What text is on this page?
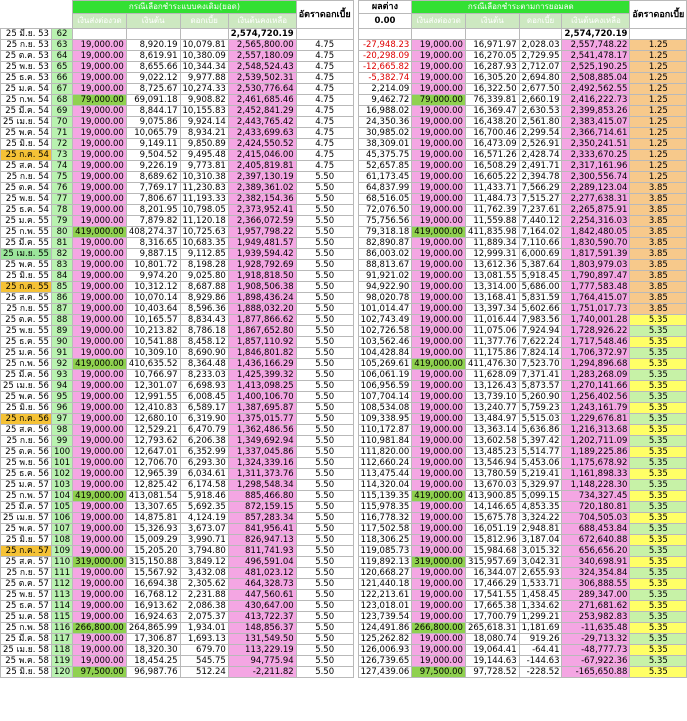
		กรณีเลือกชำระแบบคงเดิม(ยอด)				อัตราดอกเบี้ย		ผลต่าง	กรณีเลือกชำระตามการยอมลด				อัตราดอกเบี้ย
		เงินส่งต่องวด	เงินต้น	ดอกเบี้ย	เงินต้นคงเหลือ			0.00	เงินส่งต่องวด	เงินต้น	ดอกเบี้ย	เงินต้นคงเหลือ	
25 มี.ย. 53	62				2,574,720.19							2,574,720.19	
25 ก.ย. 53	63	19,000.00	8,920.19	10,079.81	2,565,800.00	4.75		-27,948.23	19,000.00	16,971.97	2,028.03	2,557,748.22	1.25
25 ต.ค. 53	64	19,000.00	8,619.91	10,380.09	2,557,180.09	4.75		-20,298.09	19,000.00	16,270.05	2,729.95	2,541,478.17	1.25
25 พ.ย. 53	65	19,000.00	8,655.66	10,344.34	2,548,524.43	4.75		-12,665.82	19,000.00	16,287.93	2,712.07	2,525,190.25	1.25
25 ธ.ค. 53	66	19,000.00	9,022.12	9,977.88	2,539,502.31	4.75		-5,382.74	19,000.00	16,305.20	2,694.80	2,508,885.04	1.25
25 ม.ค. 54	67	19,000.00	8,725.67	10,274.33	2,530,776.64	4.75		2,214.09	19,000.00	16,322.50	2,677.50	2,492,562.55	1.25
25 ก.พ. 54	68	79,000.00	69,091.18	9,908.82	2,461,685.46	4.75		9,462.72	79,000.00	76,339.81	2,660.19	2,416,222.73	1.25
25 มี.ค. 54	69	19,000.00	8,844.17	10,155.83	2,452,841.29	4.75		16,988.02	19,000.00	16,369.47	2,630.53	2,399,853.26	1.25
25 เม.ย. 54	70	19,000.00	9,075.86	9,924.14	2,443,765.42	4.75		24,350.36	19,000.00	16,438.20	2,561.80	2,383,415.07	1.25
25 พ.ค. 54	71	19,000.00	10,065.79	8,934.21	2,433,699.63	4.75		30,985.02	19,000.00	16,700.46	2,299.54	2,366,714.61	1.25
25 มิ.ย. 54	72	19,000.00	9,149.11	9,850.89	2,424,550.52	4.75		38,309.01	19,000.00	16,473.09	2,526.91	2,350,241.51	1.25
25 ก.ค. 54	73	19,000.00	9,504.52	9,495.48	2,415,046.00	4.75		45,375.75	19,000.00	16,571.26	2,428.74	2,333,670.25	1.25
25 ส.ค. 54	74	19,000.00	9,226.19	9,773.81	2,405,819.81	4.75		52,657.85	19,000.00	16,508.29	2,491.71	2,317,161.96	1.25
25 ก.ย. 54	75	19,000.00	8,689.62	10,310.38	2,397,130.19	5.50		61,173.45	19,000.00	16,605.22	2,394.78	2,300,556.74	1.25
25 ต.ค. 54	76	19,000.00	7,769.17	11,230.83	2,389,361.02	5.50		64,837.99	19,000.00	11,433.71	7,566.29	2,289,123.04	3.85
25 พ.ย. 54	77	19,000.00	7,806.67	11,193.33	2,382,154.36	5.50		68,516.05	19,000.00	11,484.73	7,515.27	2,277,638.31	3.85
25 ธ.ค. 54	78	19,000.00	8,201.95	10,798.05	2,373,952.41	5.50		72,076.50	19,000.00	11,762.39	7,237.61	2,265,875.91	3.85
25 ม.ค. 55	79	19,000.00	7,879.82	11,120.18	2,366,072.59	5.50		75,756.56	19,000.00	11,559.88	7,440.12	2,254,316.03	3.85
25 ก.พ. 55	80	419,000.00	408,274.37	10,725.63	1,957,798.22	5.50		79,318.18	419,000.00	411,835.98	7,164.02	1,842,480.05	3.85
25 มี.ค. 55	81	19,000.00	8,316.65	10,683.35	1,949,481.57	5.50		82,890.87	19,000.00	11,889.34	7,110.66	1,830,590.70	3.85
25 เม.ย. 55	82	19,000.00	9,887.15	9,112.85	1,939,594.42	5.50		86,003.02	19,000.00	12,999.31	6,000.69	1,817,591.39	3.85
25 พ.ค. 55	83	19,000.00	10,801.72	8,198.28	1,928,792.69	5.50		88,813.67	19,000.00	13,612.36	5,387.64	1,803,979.03	3.85
25 มิ.ย. 55	84	19,000.00	9,974.20	9,025.80	1,918,818.50	5.50		91,921.02	19,000.00	13,081.55	5,918.45	1,790,897.47	3.85
25 ก.ค. 55	85	19,000.00	10,312.12	8,687.88	1,908,506.38	5.50		94,922.90	19,000.00	13,314.00	5,686.00	1,777,583.48	3.85
25 ส.ค. 55	86	19,000.00	10,070.14	8,929.86	1,898,436.24	5.50		98,020.78	19,000.00	13,168.41	5,831.59	1,764,415.07	3.85
25 ก.ย. 55	87	19,000.00	10,403.64	8,596.36	1,888,032.20	5.50		101,014.47	19,000.00	13,397.34	5,602.66	1,751,017.73	3.85
25 ต.ค. 55	88	19,000.00	10,165.57	8,834.43	1,877,866.62	5.50		102,743.49	19,000.00	11,016.44	7,983.56	1,740,001.28	5.35
25 พ.ย. 55	89	19,000.00	10,213.82	8,786.18	1,867,652.80	5.50		102,726.58	19,000.00	11,075.06	7,924.94	1,728,926.22	5.35
25 ธ.ค. 55	90	19,000.00	10,541.88	8,458.12	1,857,110.92	5.50		103,562.46	19,000.00	11,377.76	7,622.24	1,717,548.46	5.35
25 ม.ค. 56	91	19,000.00	10,309.10	8,690.90	1,846,801.82	5.50		104,428.84	19,000.00	11,175.86	7,824.14	1,706,372.97	5.35
25 ก.พ. 56	92	419,000.00	410,635.52	8,364.48	1,436,166.29	5.50		105,269.61	419,000.00	411,476.30	7,523.70	1,294,896.68	5.35
25 มี.ค. 56	93	19,000.00	10,766.97	8,233.03	1,425,399.32	5.50		106,061.19	19,000.00	11,628.09	7,371.41	1,283,268.09	5.35
25 เม.ย. 56	94	19,000.00	12,301.07	6,698.93	1,413,098.25	5.50		106,956.59	19,000.00	13,126.43	5,873.57	1,270,141.66	5.35
25 พ.ค. 56	95	19,000.00	12,991.55	6,008.45	1,400,106.70	5.50		107,704.14	19,000.00	13,739.10	5,260.90	1,256,402.56	5.35
25 มิ.ย. 56	96	19,000.00	12,410.83	6,589.17	1,387,695.87	5.50		108,534.08	19,000.00	13,240.77	5,759.23	1,243,161.79	5.35
25 ก.ค. 56	97	19,000.00	12,680.10	6,319.90	1,375,015.77	5.50		109,338.95	19,000.00	13,484.97	5,515.03	1,229,676.81	5.35
25 ส.ค. 56	98	19,000.00	12,529.21	6,470.79	1,362,486.56	5.50		110,172.87	19,000.00	13,363.14	5,636.86	1,216,313.68	5.35
25 ก.ย. 56	99	19,000.00	12,793.62	6,206.38	1,349,692.94	5.50		110,981.84	19,000.00	13,602.58	5,397.42	1,202,711.09	5.35
25 ต.ค. 56	100	19,000.00	12,647.01	6,352.99	1,337,045.86	5.50		111,820.00	19,000.00	13,485.23	5,514.77	1,189,225.86	5.35
25 พ.ย. 56	101	19,000.00	12,706.70	6,293.30	1,324,339.16	5.50		112,660.24	19,000.00	13,546.94	5,453.06	1,175,678.92	5.35
25 ธ.ค. 56	102	19,000.00	12,965.39	6,034.61	1,311,373.76	5.50		113,475.44	19,000.00	13,780.59	5,219.41	1,161,898.33	5.35
25 ม.ค. 57	103	19,000.00	12,825.42	6,174.58	1,298,548.34	5.50		114,320.04	19,000.00	13,670.03	5,329.97	1,148,228.30	5.35
25 ก.พ. 57	104	419,000.00	413,081.54	5,918.46	885,466.80	5.50		115,139.35	419,000.00	413,900.85	5,099.15	734,327.45	5.35
25 มี.ค. 57	105	19,000.00	13,307.65	5,692.35	872,159.15	5.50		115,978.35	19,000.00	14,146.65	4,853.35	720,180.81	5.35
25 เม.ย. 57	106	19,000.00	14,875.81	4,124.19	857,283.34	5.50		116,778.32	19,000.00	15,675.78	3,324.22	704,505.03	5.35
25 พ.ค. 57	107	19,000.00	15,326.93	3,673.07	841,956.41	5.50		117,502.58	19,000.00	16,051.19	2,948.81	688,453.84	5.35
25 มิ.ย. 57	108	19,000.00	15,009.29	3,990.71	826,947.13	5.50		118,306.25	19,000.00	15,812.96	3,187.04	672,640.88	5.35
25 ก.ค. 57	109	19,000.00	15,205.20	3,794.80	811,741.93	5.50		119,085.73	19,000.00	15,984.68	3,015.32	656,656.20	5.35
25 ส.ค. 57	110	319,000.00	315,150.88	3,849.12	496,591.04	5.50		119,892.13	319,000.00	315,957.69	3,042.31	340,698.91	5.35
25 ก.ย. 57	111	19,000.00	15,567.92	3,432.08	481,023.12	5.50		120,668.27	19,000.00	16,344.07	2,655.93	324,354.84	5.35
25 ต.ค. 57	112	19,000.00	16,694.38	2,305.62	464,328.73	5.50		121,440.18	19,000.00	17,466.29	1,533.71	306,888.55	5.35
25 พ.ย. 57	113	19,000.00	16,768.12	2,231.88	447,560.61	5.50		122,213.61	19,000.00	17,541.55	1,458.45	289,347.00	5.35
25 ธ.ค. 57	114	19,000.00	16,913.62	2,086.38	430,647.00	5.50		123,018.01	19,000.00	17,665.38	1,334.62	271,681.62	5.35
25 ม.ค. 58	115	19,000.00	16,924.63	2,075.37	413,722.37	5.50		123,739.54	19,000.00	17,700.79	1,299.21	253,982.83	5.35
25 ก.พ. 58	116	266,800.00	264,865.99	1,934.01	148,856.37	5.50		124,491.86	266,800.00	265,618.31	1,181.69	-11,635.48	5.35
25 มี.ค. 58	117	19,000.00	17,306.87	1,693.13	131,549.50	5.50		125,262.82	19,000.00	18,080.74	919.26	-29,713.32	5.35
25 เม.ย. 58	118	19,000.00	18,320.30	679.70	113,229.19	5.50		126,006.93	19,000.00	19,064.41	-64.41	-48,777.73	5.35
25 พ.ค. 58	119	19,000.00	18,454.25	545.75	94,775.94	5.50		126,739.65	19,000.00	19,144.63	-144.63	-67,922.36	5.35
25 มิ.ย. 58	120	97,500.00	96,987.76	512.24	-2,211.82	5.50		127,439.06	97,500.00	97,728.52	-228.52	-165,650.88	5.35
